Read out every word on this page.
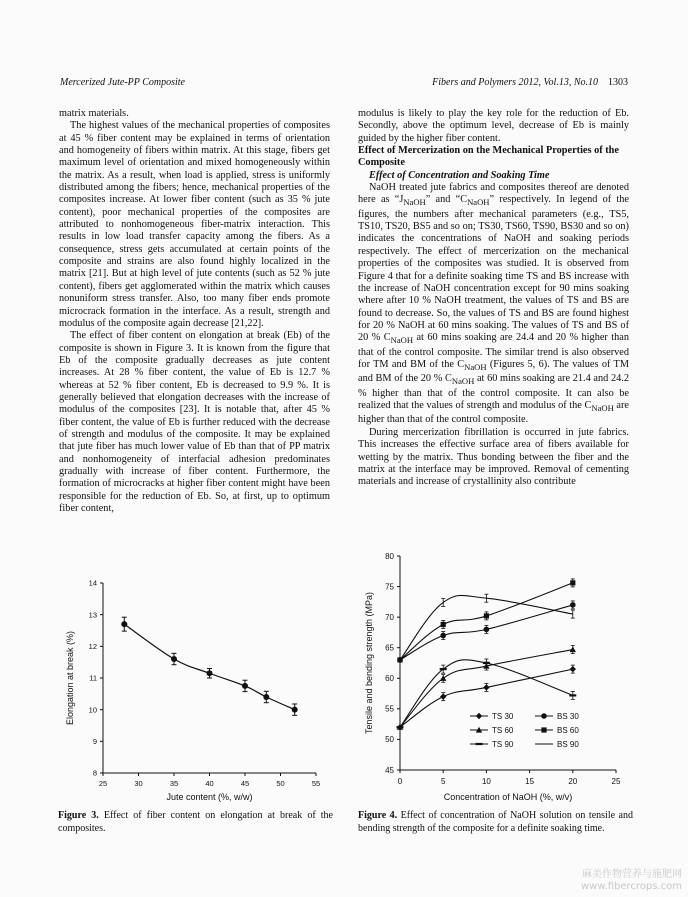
Mercerized Jute-PP Composite	Fibers and Polymers 2012, Vol.13, No.10 1303

matrix materials.

The highest values of the mechanical properties of composites at 45 % fiber content may be explained in terms of orientation and homogeneity of fibers within matrix. At this stage, fibers get maximum level of orientation and mixed homogeneously within the matrix. As a result, when load is applied, stress is uniformly distributed among the fibers; hence, mechanical properties of the composites increase. At lower fiber content (such as 35 % jute content), poor mechanical properties of the composites are attributed to nonhomogeneous fiber-matrix interaction. This results in low load transfer capacity among the fibers. As a consequence, stress gets accumulated at certain points of the composite and strains are also found highly localized in the matrix [21]. But at high level of jute contents (such as 52 % jute content), fibers get agglomerated within the matrix which causes nonuniform stress transfer. Also, too many fiber ends promote microcrack formation in the interface. As a result, strength and modulus of the composite again decrease [21,22].

The effect of fiber content on elongation at break (Eb) of the composite is shown in Figure 3. It is known from the figure that Eb of the composite gradually decreases as jute content increases. At 28 % fiber content, the value of Eb is 12.7 % whereas at 52 % fiber content, Eb is decreased to 9.9 %. It is generally believed that elongation decreases with the increase of modulus of the composites [23]. It is notable that, after 45 % fiber content, the value of Eb is further reduced with the decrease of strength and modulus of the composite. It may be explained that jute fiber has much lower value of Eb than that of PP matrix and nonhomogeneity of interfacial adhesion predominates gradually with increase of fiber content. Furthermore, the formation of microcracks at higher fiber content might have been responsible for the reduction of Eb. So, at first, up to optimum fiber content,

modulus is likely to play the key role for the reduction of Eb. Secondly, above the optimum level, decrease of Eb is mainly guided by the higher fiber content.

Effect of Mercerization on the Mechanical Properties of the Composite

Effect of Concentration and Soaking Time

NaOH treated jute fabrics and composites thereof are denoted here as “$J_{NaOH}$” and “$C_{NaOH}$” respectively. In legend of the figures, the numbers after mechanical parameters (e.g., TS5, TS10, TS20, BS5 and so on; TS30, TS60, TS90, BS30 and so on) indicates the concentrations of NaOH and soaking periods respectively. The effect of mercerization on the mechanical properties of the composites was studied. It is observed from Figure 4 that for a definite soaking time TS and BS increase with the increase of NaOH concentration except for 90 mins soaking where after 10 % NaOH treatment, the values of TS and BS are found to decrease. So, the values of TS and BS are found highest for 20 % NaOH at 60 mins soaking. The values of TS and BS of 20 % $C_{NaOH}$ at 60 mins soaking are 24.4 and 20 % higher than that of the control composite. The similar trend is also observed for TM and BM of the $C_{NaOH}$ (Figures 5, 6). The values of TM and BM of the 20 % $C_{NaOH}$ at 60 mins soaking are 21.4 and 24.2 % higher than that of the control composite. It can also be realized that the values of strength and modulus of the $C_{NaOH}$ are higher than that of the control composite.

During mercerization fibrillation is occurred in jute fabrics. This increases the effective surface area of fibers available for wetting by the matrix. Thus bonding between the fiber and the matrix at the interface may be improved. Removal of cementing materials and increase of crystallinity also contribute

25	30	35	40	45	50	55
8
9
10
11
12
13
14
Jute content (%, w/w)
Elongation at break (%)
Figure 3. Effect of fiber content on elongation at break of the composites.
0	5	10	15	20	25
45
50
55
60
65
70
75
80
Concentration of NaOH (%, w/v)
Tensile and bending strength (MPa)	TS 30	BS 30
TS 60	BS 60
TS 90	BS 90
Figure 4. Effect of concentration of NaOH solution on tensile and bending strength of the composite for a definite soaking time.
麻美作物营养与施肥网
www.fibercrops.com
